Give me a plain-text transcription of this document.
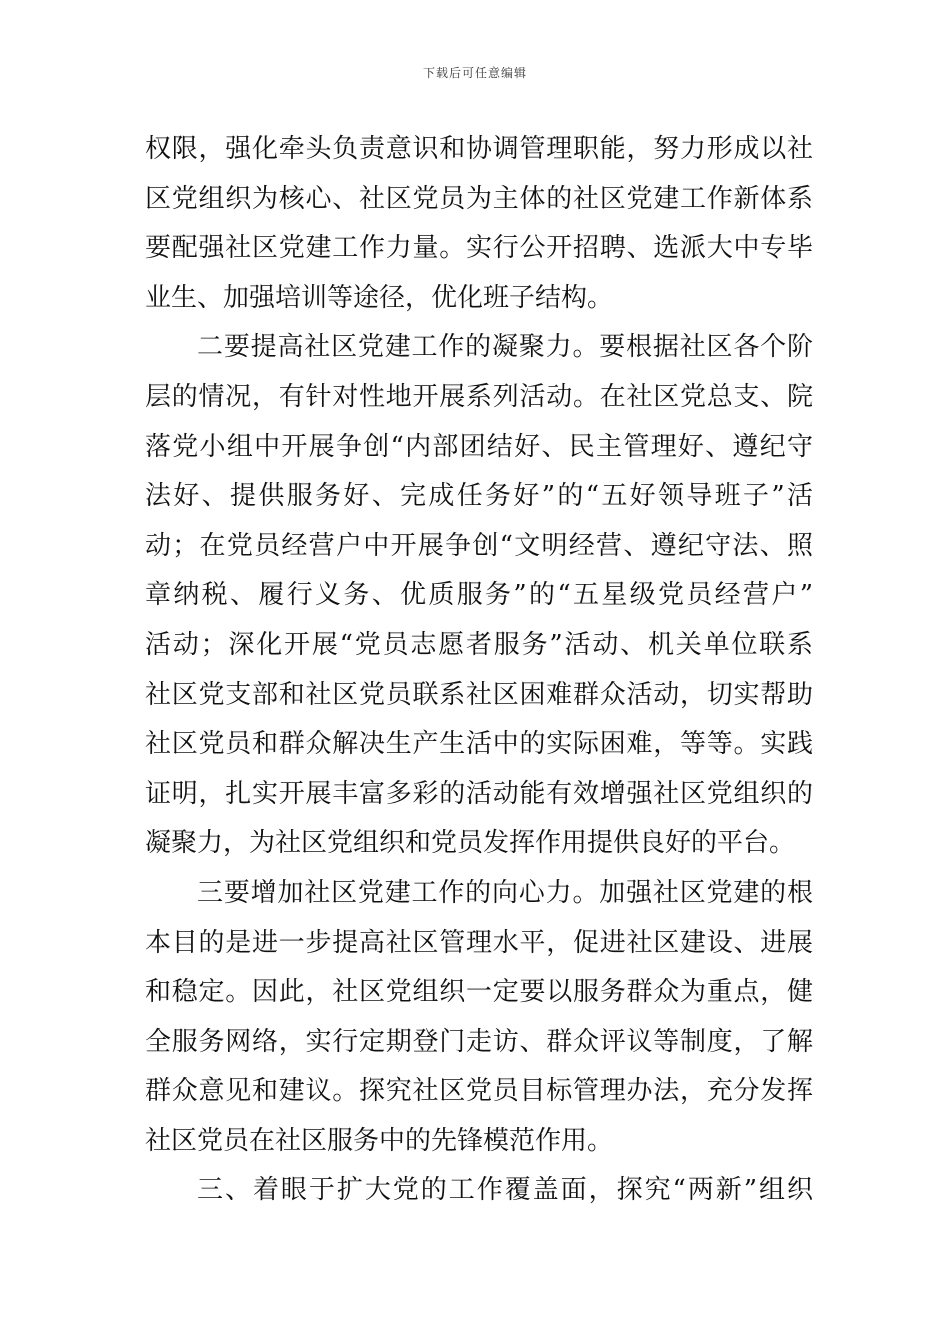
下载后可任意编辑
权限，强化牵头负责意识和协调管理职能，努力形成以社
区党组织为核心、社区党员为主体的社区党建工作新体系
要配强社区党建工作力量。实行公开招聘、选派大中专毕
业生、加强培训等途径，优化班子结构。
二要提高社区党建工作的凝聚力。要根据社区各个阶
层的情况，有针对性地开展系列活动。在社区党总支、院
落党小组中开展争创“内部团结好、民主管理好、遵纪守
法好、提供服务好、完成任务好”的“五好领导班子”活
动；在党员经营户中开展争创“文明经营、遵纪守法、照
章纳税、履行义务、优质服务”的“五星级党员经营户”
活动；深化开展“党员志愿者服务”活动、机关单位联系
社区党支部和社区党员联系社区困难群众活动，切实帮助
社区党员和群众解决生产生活中的实际困难，等等。实践
证明，扎实开展丰富多彩的活动能有效增强社区党组织的
凝聚力，为社区党组织和党员发挥作用提供良好的平台。
三要增加社区党建工作的向心力。加强社区党建的根
本目的是进一步提高社区管理水平，促进社区建设、进展
和稳定。因此，社区党组织一定要以服务群众为重点，健
全服务网络，实行定期登门走访、群众评议等制度，了解
群众意见和建议。探究社区党员目标管理办法，充分发挥
社区党员在社区服务中的先锋模范作用。
三、着眼于扩大党的工作覆盖面，探究“两新”组织
